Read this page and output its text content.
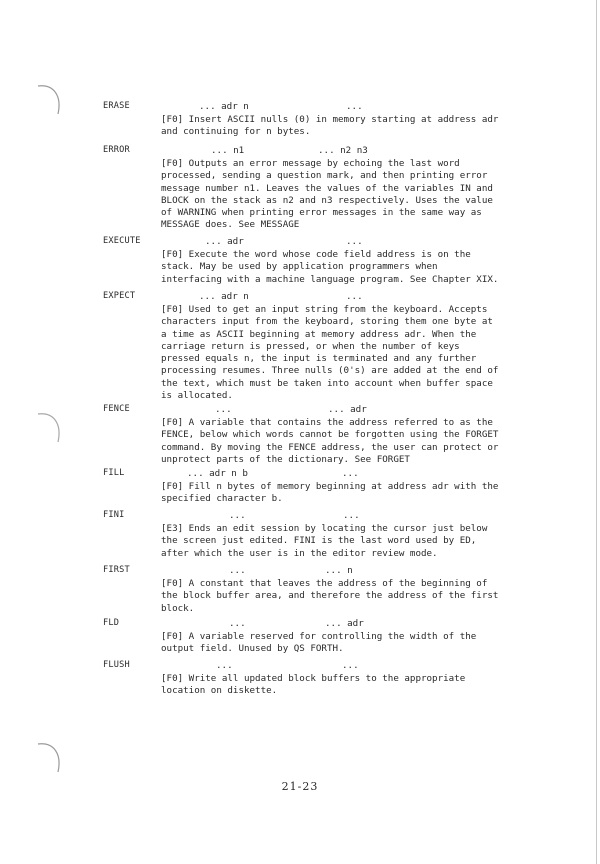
ERASE

	... adr n

	...

[F0] Insert ASCII nulls (0) in memory starting at address adr
and continuing for n bytes.
ERROR

	... n1

	... n2 n3

[F0] Outputs an error message by echoing the last word
processed, sending a question mark, and then printing error
message number n1. Leaves the values of the variables IN and
BLOCK on the stack as n2 and n3 respectively. Uses the value
of WARNING when printing error messages in the same way as
MESSAGE does. See MESSAGE
EXECUTE

	... adr

	...

[F0] Execute the word whose code field address is on the
stack. May be used by application programmers when
interfacing with a machine language program. See Chapter XIX.
EXPECT

	... adr n

	...

[F0] Used to get an input string from the keyboard. Accepts
characters input from the keyboard, storing them one byte at
a time as ASCII beginning at memory address adr. When the
carriage return is pressed, or when the number of keys
pressed equals n, the input is terminated and any further
processing resumes. Three nulls (0's) are added at the end of
the text, which must be taken into account when buffer space
is allocated.
FENCE

	...

	... adr

[F0] A variable that contains the address referred to as the
FENCE, below which words cannot be forgotten using the FORGET
command. By moving the FENCE address, the user can protect or
unprotect parts of the dictionary. See FORGET
FILL

	... adr n b

	...

[F0] Fill n bytes of memory beginning at address adr with the
specified character b.
FINI

	...

	...

[E3] Ends an edit session by locating the cursor just below
the screen just edited. FINI is the last word used by ED,
after which the user is in the editor review mode.
FIRST

	...

	... n

[F0] A constant that leaves the address of the beginning of
the block buffer area, and therefore the address of the first
block.
FLD

	...

	... adr

[F0] A variable reserved for controlling the width of the
output field. Unused by QS FORTH.
FLUSH

	...

	...

[F0] Write all updated block buffers to the appropriate
location on diskette.
21-23
